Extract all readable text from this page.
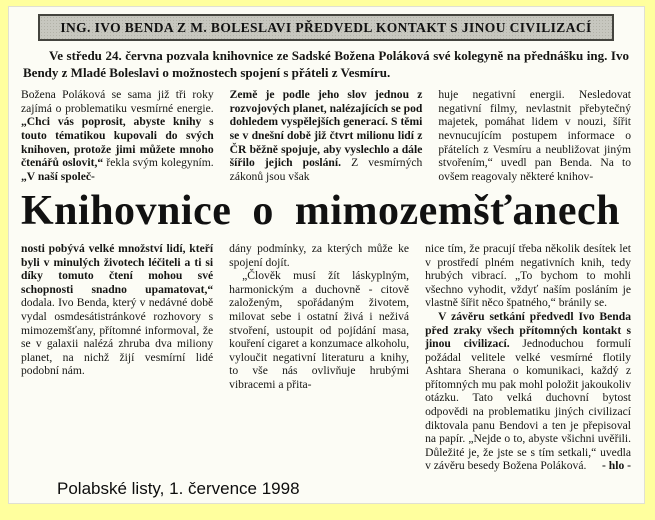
ING. IVO BENDA Z M. BOLESLAVI PŘEDVEDL KONTAKT S JINOU CIVILIZACÍ

Ve středu 24. června pozvala knihovnice ze Sadské Božena Poláková své kolegyně na přednášku ing. Ivo Bendy z Mladé Boleslavi o možnostech spojení s přáteli z Vesmíru.

Božena Poláková se sama již tři roky zajímá o problematiku vesmírné energie. „Chci vás poprosit, abyste knihy s touto tématikou kupovali do svých knihoven, protože jimi můžete mnoho čtenářů oslovit,“ řekla svým kolegyním. „V naší společ-

Země je podle jeho slov jednou z rozvojových planet, nalézajících se pod dohledem vyspělejších generací. S těmi se v dnešní době již čtvrt milionu lidí z ČR běžně spojuje, aby vyslechlo a dále šířilo jejich poslání. Z vesmírných zákonů jsou však

huje negativní energii. Nesledovat negativní filmy, nevlastnit přebytečný majetek, pomáhat lidem v nouzi, šířit nevnucujícím postupem informace o přátelích z Vesmíru a neubližovat jiným stvořením,“ uvedl pan Benda. Na to ovšem reagovaly některé knihov-

Knihovnice o mimozemšťanech

nosti pobývá velké množství lidí, kteří byli v minulých životech léčiteli a ti si díky tomuto čtení mohou své schopnosti snadno upamatovat,“ dodala. Ivo Benda, který v nedávné době vydal osmdesátistránkové rozhovory s mimozemšťany, přítomné informoval, že se v galaxii nalézá zhruba dva miliony planet, na nichž žijí vesmírní lidé podobní nám.

dány podmínky, za kterých může ke spojení dojít.

„Člověk musí žít láskyplným, harmonickým a duchovně - citově založeným, spořádaným životem, milovat sebe i ostatní živá i neživá stvoření, ustoupit od pojídání masa, kouření cigaret a konzumace alkoholu, vyloučit negativní literaturu a knihy, to vše nás ovlivňuje hrubými vibracemi a přita-

nice tím, že pracují třeba několik desítek let v prostředí plném negativních knih, tedy hrubých vibrací. „To bychom to mohli všechno vyhodit, vždyť naším posláním je vlastně šířit něco špatného,“ bránily se.

V závěru setkání předvedl Ivo Benda před zraky všech přítomných kontakt s jinou civilizací. Jednoduchou formulí požádal velitele velké vesmírné flotily Ashtara Sherana o komunikaci, každý z přítomných mu pak mohl položit jakoukoliv otázku. Tato velká duchovní bytost odpovědi na problematiku jiných civilizací diktovala panu Bendovi a ten je přepisoval na papír. „Nejde o to, abyste všichni uvěřili. Důležité je, že jste se s tím setkali,“ uvedla v závěru besedy Božena Poláková.	- hlo -

Polabské listy, 1. července 1998
